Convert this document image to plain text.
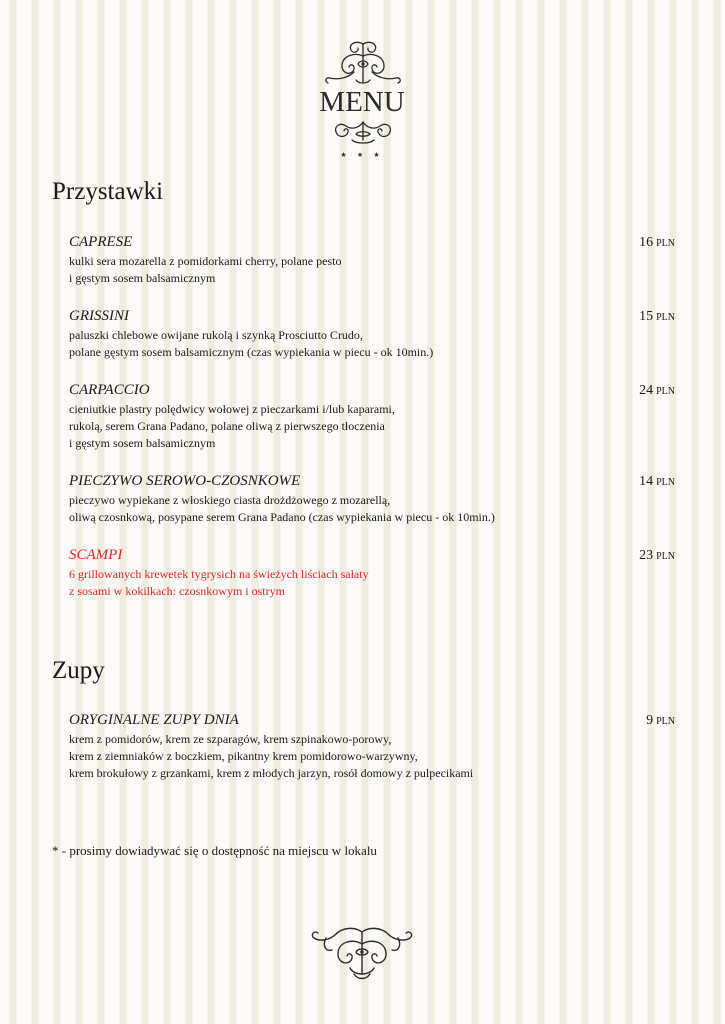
MENU
★ ★ ★
Przystawki
CAPRESE	16 PLN
kulki sera mozarella z pomidorkami cherry, polane pesto
i gęstym sosem balsamicznym
GRISSINI	15 PLN
paluszki chlebowe owijane rukolą i szynką Prosciutto Crudo,
polane gęstym sosem balsamicznym (czas wypiekania w piecu - ok 10min.)
CARPACCIO	24 PLN
cieniutkie plastry polędwicy wołowej z pieczarkami i/lub kaparami,
rukolą, serem Grana Padano, polane oliwą z pierwszego tłoczenia
i gęstym sosem balsamicznym
PIECZYWO SEROWO-CZOSNKOWE	14 PLN
pieczywo wypiekane z włoskiego ciasta drożdżowego z mozarellą,
oliwą czosnkową, posypane serem Grana Padano (czas wypiekania w piecu - ok 10min.)
SCAMPI	23 PLN
6 grillowanych krewetek tygrysich na świeżych liściach sałaty
z sosami w kokilkach: czosnkowym i ostrym
Zupy
ORYGINALNE ZUPY DNIA	9 PLN
krem z pomidorów, krem ze szparagów, krem szpinakowo-porowy,
krem z ziemniaków z boczkiem, pikantny krem pomidorowo-warzywny,
krem brokułowy z grzankami, krem z młodych jarzyn, rosół domowy z pulpecikami
* - prosimy dowiadywać się o dostępność na miejscu w lokalu
